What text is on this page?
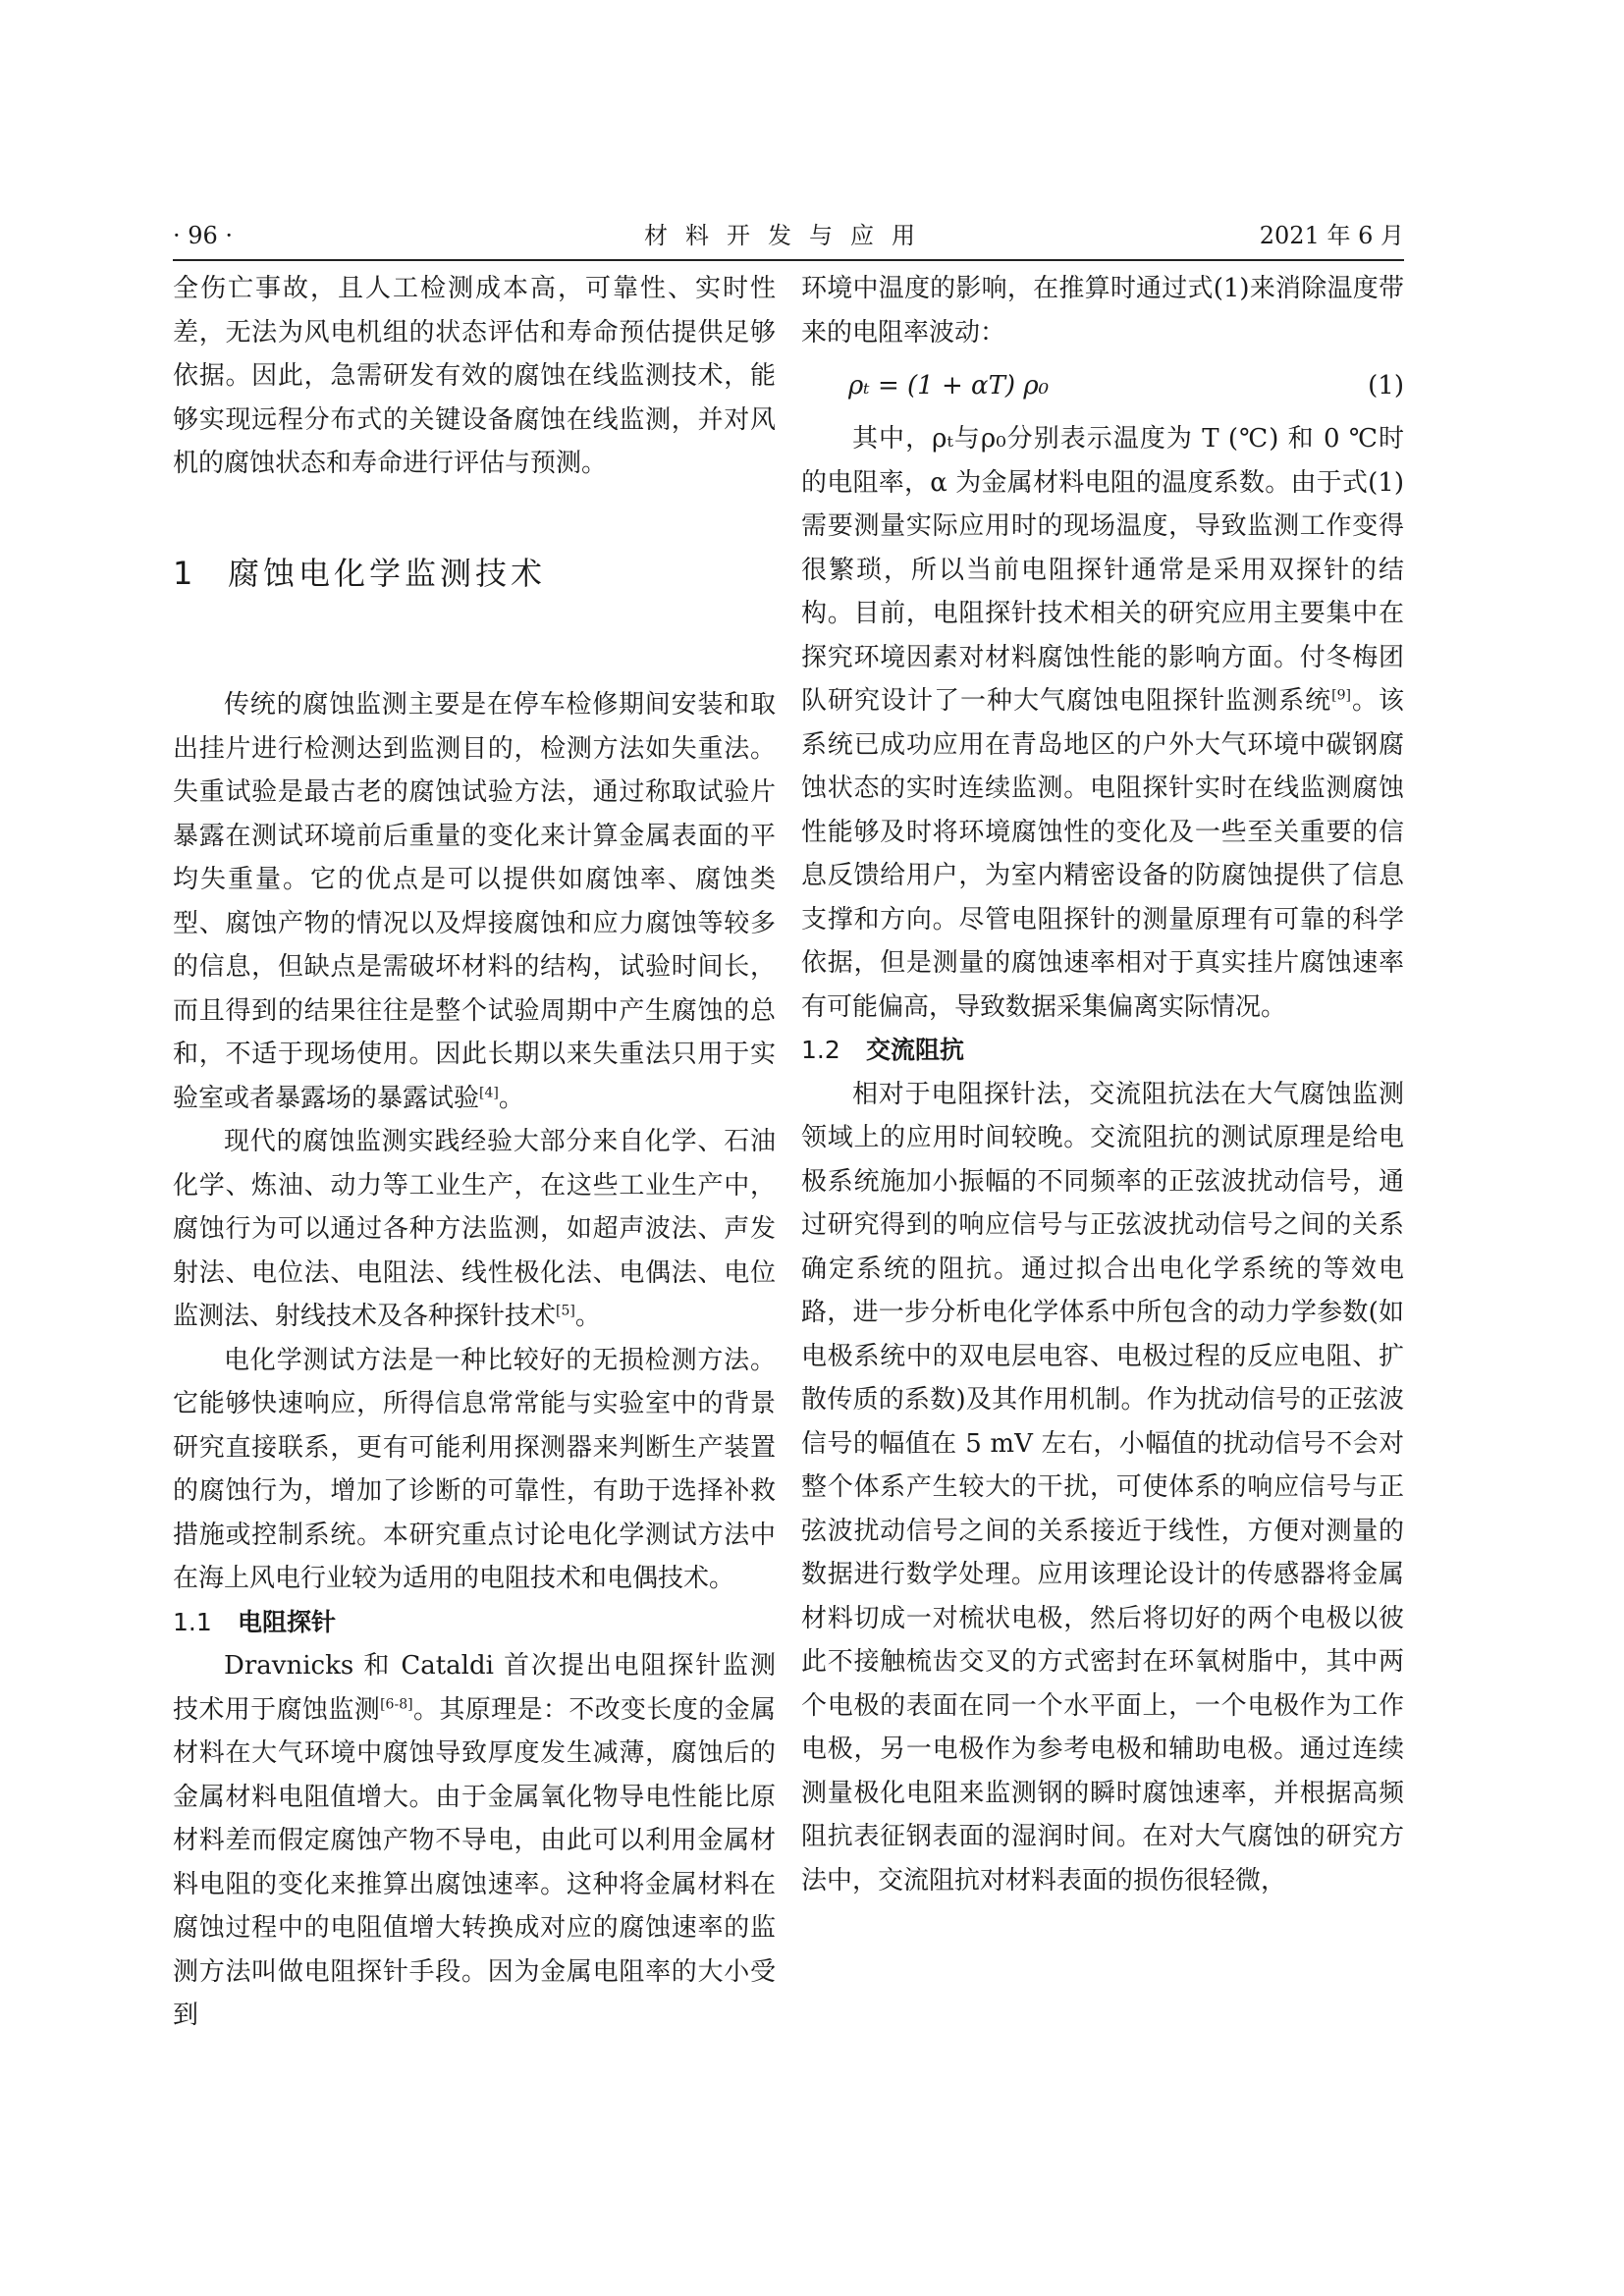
· 96 ·	材料开发与应用	2021 年 6 月

全伤亡事故，且人工检测成本高，可靠性、实时性差，无法为风电机组的状态评估和寿命预估提供足够依据。因此，急需研发有效的腐蚀在线监测技术，能够实现远程分布式的关键设备腐蚀在线监测，并对风机的腐蚀状态和寿命进行评估与预测。

1 腐蚀电化学监测技术

传统的腐蚀监测主要是在停车检修期间安装和取出挂片进行检测达到监测目的，检测方法如失重法。失重试验是最古老的腐蚀试验方法，通过称取试验片暴露在测试环境前后重量的变化来计算金属表面的平均失重量。它的优点是可以提供如腐蚀率、腐蚀类型、腐蚀产物的情况以及焊接腐蚀和应力腐蚀等较多的信息，但缺点是需破坏材料的结构，试验时间长，而且得到的结果往往是整个试验周期中产生腐蚀的总和，不适于现场使用。因此长期以来失重法只用于实验室或者暴露场的暴露试验[4]。

现代的腐蚀监测实践经验大部分来自化学、石油化学、炼油、动力等工业生产，在这些工业生产中，腐蚀行为可以通过各种方法监测，如超声波法、声发射法、电位法、电阻法、线性极化法、电偶法、电位监测法、射线技术及各种探针技术[5]。

电化学测试方法是一种比较好的无损检测方法。它能够快速响应，所得信息常常能与实验室中的背景研究直接联系，更有可能利用探测器来判断生产装置的腐蚀行为，增加了诊断的可靠性，有助于选择补救措施或控制系统。本研究重点讨论电化学测试方法中在海上风电行业较为适用的电阻技术和电偶技术。

1.1 电阻探针

Dravnicks 和 Cataldi 首次提出电阻探针监测技术用于腐蚀监测[6-8]。其原理是：不改变长度的金属材料在大气环境中腐蚀导致厚度发生减薄，腐蚀后的金属材料电阻值增大。由于金属氧化物导电性能比原材料差而假定腐蚀产物不导电，由此可以利用金属材料电阻的变化来推算出腐蚀速率。这种将金属材料在腐蚀过程中的电阻值增大转换成对应的腐蚀速率的监测方法叫做电阻探针手段。因为金属电阻率的大小受到

环境中温度的影响，在推算时通过式(1)来消除温度带来的电阻率波动：

ρₜ = (1 + αT) ρ₀	(1)

其中，ρₜ与ρ₀分别表示温度为 T (℃) 和 0 ℃时的电阻率，α 为金属材料电阻的温度系数。由于式(1)需要测量实际应用时的现场温度，导致监测工作变得很繁琐，所以当前电阻探针通常是采用双探针的结构。目前，电阻探针技术相关的研究应用主要集中在探究环境因素对材料腐蚀性能的影响方面。付冬梅团队研究设计了一种大气腐蚀电阻探针监测系统[9]。该系统已成功应用在青岛地区的户外大气环境中碳钢腐蚀状态的实时连续监测。电阻探针实时在线监测腐蚀性能够及时将环境腐蚀性的变化及一些至关重要的信息反馈给用户，为室内精密设备的防腐蚀提供了信息支撑和方向。尽管电阻探针的测量原理有可靠的科学依据，但是测量的腐蚀速率相对于真实挂片腐蚀速率有可能偏高，导致数据采集偏离实际情况。

1.2 交流阻抗

相对于电阻探针法，交流阻抗法在大气腐蚀监测领域上的应用时间较晚。交流阻抗的测试原理是给电极系统施加小振幅的不同频率的正弦波扰动信号，通过研究得到的响应信号与正弦波扰动信号之间的关系确定系统的阻抗。通过拟合出电化学系统的等效电路，进一步分析电化学体系中所包含的动力学参数(如电极系统中的双电层电容、电极过程的反应电阻、扩散传质的系数)及其作用机制。作为扰动信号的正弦波信号的幅值在 5 mV 左右，小幅值的扰动信号不会对整个体系产生较大的干扰，可使体系的响应信号与正弦波扰动信号之间的关系接近于线性，方便对测量的数据进行数学处理。应用该理论设计的传感器将金属材料切成一对梳状电极，然后将切好的两个电极以彼此不接触梳齿交叉的方式密封在环氧树脂中，其中两个电极的表面在同一个水平面上，一个电极作为工作电极，另一电极作为参考电极和辅助电极。通过连续测量极化电阻来监测钢的瞬时腐蚀速率，并根据高频阻抗表征钢表面的湿润时间。在对大气腐蚀的研究方法中，交流阻抗对材料表面的损伤很轻微，
